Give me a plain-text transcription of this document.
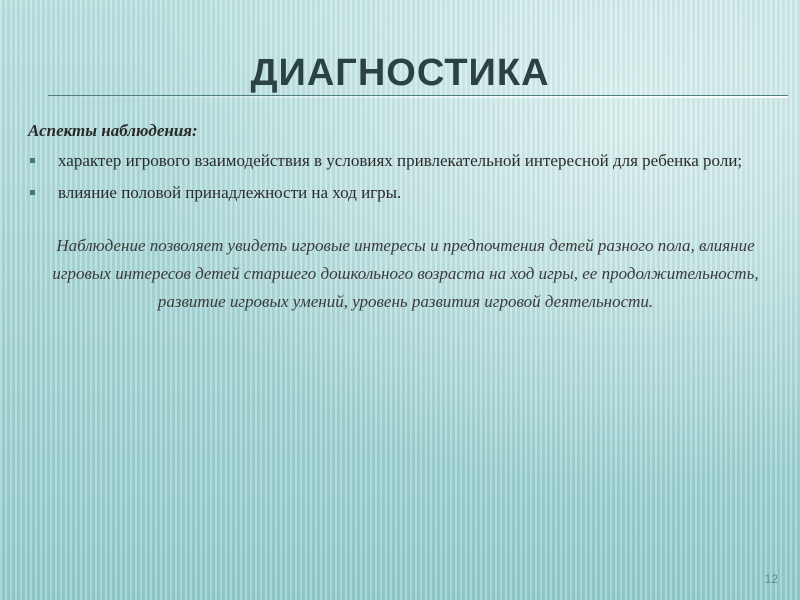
ДИАГНОСТИКА

Аспекты наблюдения:

характер игрового взаимодействия в условиях привлекательной интересной для ребенка роли;
влияние половой принадлежности на ход игры.

Наблюдение позволяет увидеть игровые интересы и предпочтения детей разного пола, влияние игровых интересов детей старшего дошкольного возраста на ход игры, ее продолжительность, развитие игровых умений, уровень развития игровой деятельности.

12
